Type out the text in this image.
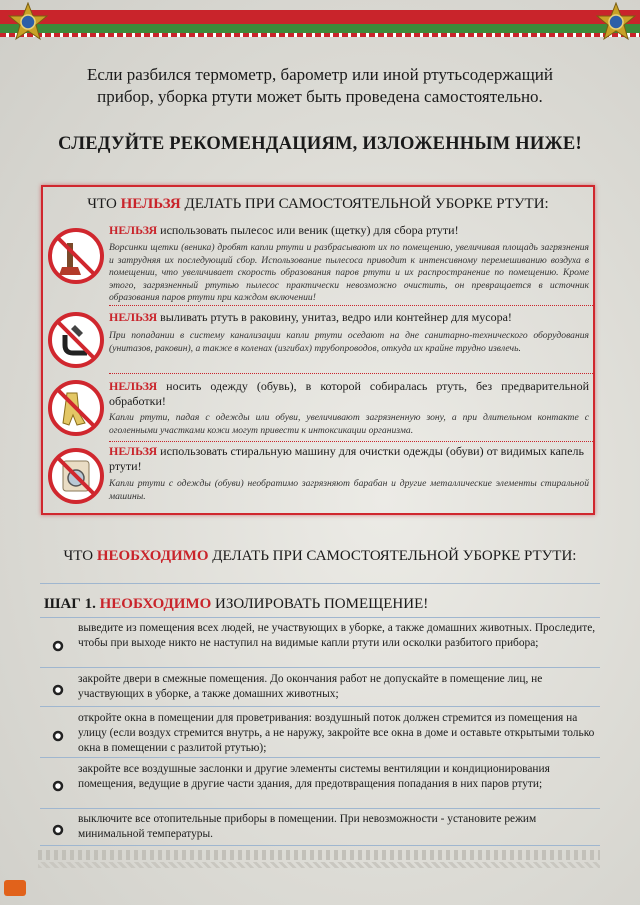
Если разбился термометр, барометр или иной ртутьсодержащий
прибор, уборка ртути может быть проведена самостоятельно.
СЛЕДУЙТЕ РЕКОМЕНДАЦИЯМ, ИЗЛОЖЕННЫМ НИЖЕ!
ЧТО НЕЛЬЗЯ ДЕЛАТЬ ПРИ САМОСТОЯТЕЛЬНОЙ УБОРКЕ РТУТИ:
НЕЛЬЗЯ использовать пылесос или веник (щетку) для сбора ртути!
Ворсинки щетки (веника) дробят капли ртути и разбрасывают их по помещению, увеличивая площадь загрязнения и затрудняя их последующий сбор. Использование пылесоса приводит к интенсивному перемешиванию воздуха в помещении, что увеличивает скорость образования паров ртути и их распространение по помещению. Кроме этого, загрязненный ртутью пылесос практически невозможно очистить, он превращается в источник образования паров ртути при каждом включении!
НЕЛЬЗЯ выливать ртуть в раковину, унитаз, ведро или контейнер для мусора!
При попадании в систему канализации капли ртути оседают на дне санитарно-технического оборудования (унитазов, раковин), а также в коленах (изгибах) трубопроводов, откуда их крайне трудно извлечь.
НЕЛЬЗЯ носить одежду (обувь), в которой собиралась ртуть, без предварительной обработки!
Капли ртути, падая с одежды или обуви, увеличивают загрязненную зону, а при длительном контакте с оголенными участками кожи могут привести к интоксикации организма.
НЕЛЬЗЯ использовать стиральную машину для очистки одежды (обуви) от видимых капель ртути!
Капли ртути с одежды (обуви) необратимо загрязняют барабан и другие металлические элементы стиральной машины.
ЧТО НЕОБХОДИМО ДЕЛАТЬ ПРИ САМОСТОЯТЕЛЬНОЙ УБОРКЕ РТУТИ:
ШАГ 1. НЕОБХОДИМО ИЗОЛИРОВАТЬ ПОМЕЩЕНИЕ!
выведите из помещения всех людей, не участвующих в уборке, а также домашних животных. Проследите, чтобы при выходе никто не наступил на видимые капли ртути или осколки разбитого прибора;
закройте двери в смежные помещения. До окончания работ не допускайте в помещение лиц, не участвующих в уборке, а также домашних животных;
откройте окна в помещении для проветривания: воздушный поток должен стремится из помещения на улицу (если воздух стремится внутрь, а не наружу, закройте все окна в доме и оставьте открытыми только окна в помещении с разлитой ртутью);
закройте все воздушные заслонки и другие элементы системы вентиляции и кондиционирования помещения, ведущие в другие части здания, для предотвращения попадания в них паров ртути;
выключите все отопительные приборы в помещении. При невозможности - установите режим минимальной температуры.
